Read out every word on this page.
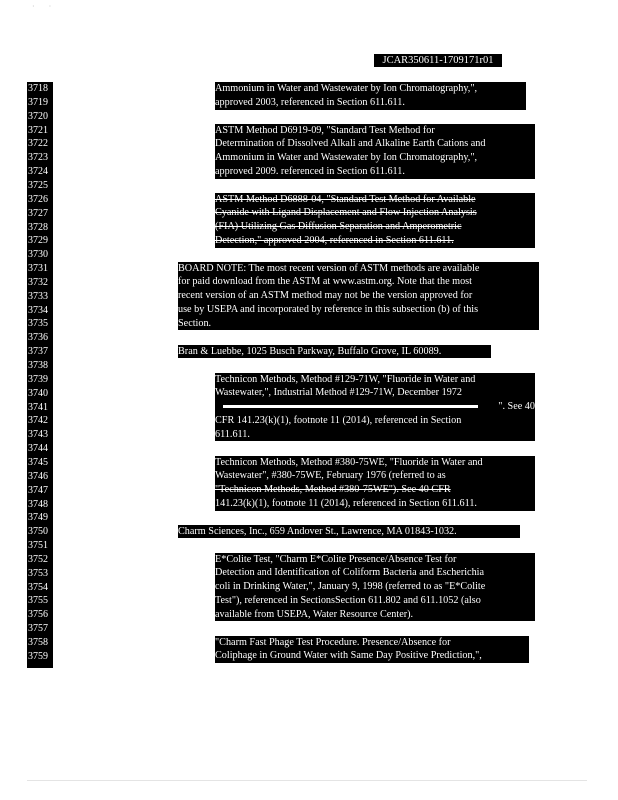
·       ·
JCAR350611-1709171r01
3718
3719
3720
3721
3722
3723
3724
3725
3726
3727
3728
3729
3730
3731
3732
3733
3734
3735
3736
3737
3738
3739
3740
3741
3742
3743
3744
3745
3746
3747
3748
3749
3750
3751
3752
3753
3754
3755
3756
3757
3758
3759
Ammonium in Water and Wastewater by Ion Chromatography,",
approved 2003, referenced in Section 611.611.
ASTM Method D6919-09, "Standard Test Method for
Determination of Dissolved Alkali and Alkaline Earth Cations and
Ammonium in Water and Wastewater by Ion Chromatography,",
approved 2009. referenced in Section 611.611.
ASTM Method D6888-04, "Standard Test Method for Available
Cyanide with Ligand Displacement and Flow Injection Analysis
(FIA) Utilizing Gas Diffusion Separation and Amperometric
Detection," approved 2004, referenced in Section 611.611.
BOARD NOTE: The most recent version of ASTM methods are available
for paid download from the ASTM at www.astm.org. Note that the most
recent version of an ASTM method may not be the version approved for
use by USEPA and incorporated by reference in this subsection (b) of this
Section.
Bran & Luebbe, 1025 Busch Parkway, Buffalo Grove, IL 60089.
Technicon Methods, Method #129-71W, "Fluoride in Water and
Wastewater,", Industrial Method #129-71W, December 1972
". See 40
CFR 141.23(k)(1), footnote 11 (2014), referenced in Section
611.611.
Technicon Methods, Method #380-75WE, "Fluoride in Water and
Wastewater", #380-75WE, February 1976 (referred to as
"Technicon Methods, Method #380-75WE"). See 40 CFR
141.23(k)(1), footnote 11 (2014), referenced in Section 611.611.
Charm Sciences, Inc., 659 Andover St., Lawrence, MA 01843-1032.
E*Colite Test, "Charm E*Colite Presence/Absence Test for
Detection and Identification of Coliform Bacteria and Escherichia
coli in Drinking Water,", January 9, 1998 (referred to as "E*Colite
Test"), referenced in SectionsSection 611.802 and 611.1052 (also
available from USEPA, Water Resource Center).
"Charm Fast Phage Test Procedure. Presence/Absence for
Coliphage in Ground Water with Same Day Positive Prediction,",
